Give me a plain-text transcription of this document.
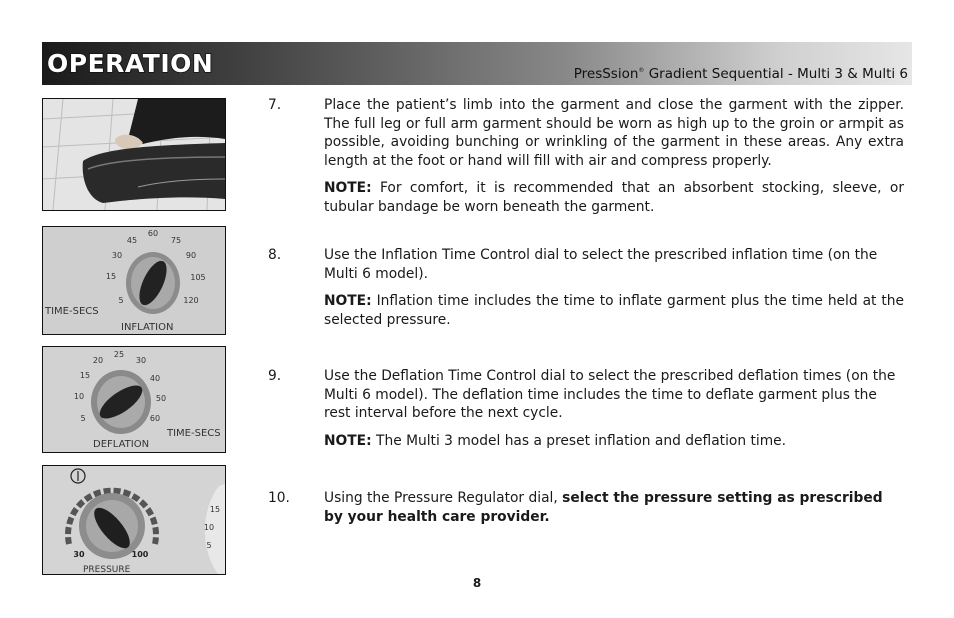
OPERATION	PresSsion® Gradient Sequential - Multi 3 & Multi 6
5
15
30
45
60
75
90
105
120
TIME-SECS
INFLATION
5
10
15
20
25
30
40
50
60
TIME-SECS
DEFLATION
30	100
PRESSURE
5
10
15
7.	Place the patient’s limb into the garment and close the garment with the zipper. The full leg or full arm garment should be worn as high up to the groin or armpit as possible, avoiding bunching or wrinkling of the garment in these areas. Any extra length at the foot or hand will fill with air and compress properly.

NOTE: For comfort, it is recommended that an absorbent stocking, sleeve, or tubular bandage be worn beneath the garment.

8.	Use the Inflation Time Control dial to select the prescribed inflation time (on the Multi 6 model).

NOTE: Inflation time includes the time to inflate garment plus the time held at the selected pressure.

9.	Use the Deflation Time Control dial to select the prescribed deflation times (on the Multi 6 model). The deflation time includes the time to deflate garment plus the rest interval before the next cycle.

NOTE: The Multi 3 model has a preset inflation and deflation time.

10. Using the Pressure Regulator dial, select the pressure setting as prescribed by your health care provider.

8
